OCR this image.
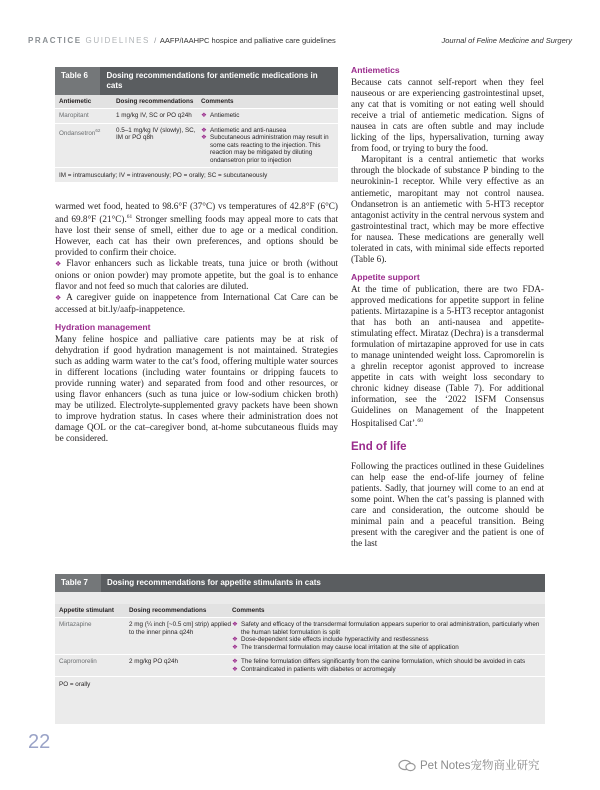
PRACTICE GUIDELINES / AAFP/IAAHPC hospice and palliative care guidelines	Journal of Feline Medicine and Surgery
Table 6	Dosing recommendations for antiemetic medications in cats
Antiemetic	Dosing recommendations	Comments
Maropitant	1 mg/kg IV, SC or PO q24h	❖ Antiemetic
Ondansetron$^{62}$	0.5–1 mg/kg IV (slowly), SC, IM or PO q8h
❖ Antiemetic and anti-nausea
❖ Subcutaneous administration may result in some cats reacting to the injection. This reaction may be mitigated by diluting ondansetron prior to injection
IM = intramuscularly; IV = intravenously; PO = orally; SC = subcutaneously

warmed wet food, heated to 98.6°F (37°C) vs temperatures of 42.8°F (6°C) and 69.8°F (21°C).$^{61}$ Stronger smelling foods may appeal more to cats that have lost their sense of smell, either due to age or a medical condition. However, each cat has their own preferences, and options should be provided to confirm their choice.

❖ Flavor enhancers such as lickable treats, tuna juice or broth (without onions or onion powder) may promote appetite, but the goal is to enhance flavor and not feed so much that calories are diluted.

❖ A caregiver guide on inappetence from International Cat Care can be accessed at bit.ly/aafp-inappetence.

Hydration management

Many feline hospice and palliative care patients may be at risk of dehydration if good hydration management is not maintained. Strategies such as adding warm water to the cat’s food, offering multiple water sources in different locations (including water fountains or dripping faucets to provide running water) and separated from food and other resources, or using flavor enhancers (such as tuna juice or low-sodium chicken broth) may be utilized. Electrolyte-supplemented gravy packets have been shown to improve hydration status. In cases where their administration does not damage QOL or the cat–caregiver bond, at-home subcutaneous fluids may be considered.

Antiemetics

Because cats cannot self-report when they feel nauseous or are experiencing gastrointestinal upset, any cat that is vomiting or not eating well should receive a trial of antiemetic medication. Signs of nausea in cats are often subtle and may include licking of the lips, hypersalivation, turning away from food, or trying to bury the food.

Maropitant is a central antiemetic that works through the blockade of substance P binding to the neurokinin-1 receptor. While very effective as an antiemetic, maropitant may not control nausea. Ondansetron is an antiemetic with 5-HT3 receptor antagonist activity in the central nervous system and gastrointestinal tract, which may be more effective for nausea. These medications are generally well tolerated in cats, with minimal side effects reported (Table 6).

Appetite support

At the time of publication, there are two FDA-approved medications for appetite support in feline patients. Mirtazapine is a 5-HT3 receptor antagonist that has both an anti-nausea and appetite-stimulating effect. Mirataz (Dechra) is a transdermal formulation of mirtazapine approved for use in cats to manage unintended weight loss. Capromorelin is a ghrelin receptor agonist approved to increase appetite in cats with weight loss secondary to chronic kidney disease (Table 7). For additional information, see the ‘2022 ISFM Consensus Guidelines on Management of the Inappetent Hospitalised Cat’.$^{60}$

End of life

Following the practices outlined in these Guidelines can help ease the end-of-life journey of feline patients. Sadly, that journey will come to an end at some point. When the cat’s passing is planned with care and consideration, the outcome should be minimal pain and a peaceful transition. Being present with the caregiver and the patient is one of the last

Table 7	Dosing recommendations for appetite stimulants in cats
Appetite stimulant	Dosing recommendations	Comments
Mirtazapine	2 mg (¼ inch [~0.5 cm] strip) applied to the inner pinna q24h
❖ Safety and efficacy of the transdermal formulation appears superior to oral administration, particularly when the human tablet formulation is split
❖ Dose-dependent side effects include hyperactivity and restlessness
❖ The transdermal formulation may cause local irritation at the site of application
Capromorelin	2 mg/kg PO q24h	❖ The feline formulation differs significantly from the canine formulation, which should be avoided in cats
❖ Contraindicated in patients with diabetes or acromegaly
PO = orally
22
Pet Notes宠物商业研究
